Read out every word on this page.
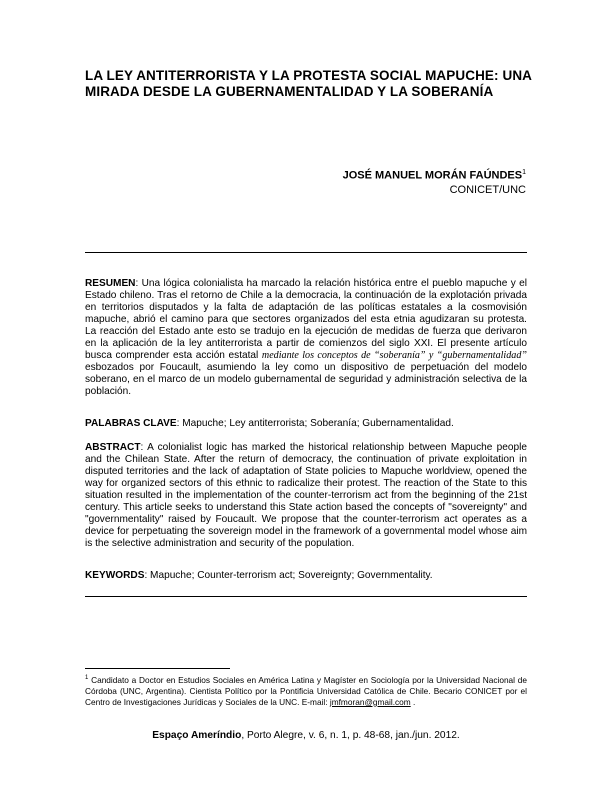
LA LEY ANTITERRORISTA Y LA PROTESTA SOCIAL MAPUCHE: UNA MIRADA DESDE LA GUBERNAMENTALIDAD Y LA SOBERANÍA
JOSÉ MANUEL MORÁN FAÚNDES$^1$
CONICET/UNC
RESUMEN: Una lógica colonialista ha marcado la relación histórica entre el pueblo mapuche y el Estado chileno. Tras el retorno de Chile a la democracia, la continuación de la explotación privada en territorios disputados y la falta de adaptación de las políticas estatales a la cosmovisión mapuche, abrió el camino para que sectores organizados del esta etnia agudizaran su protesta. La reacción del Estado ante esto se tradujo en la ejecución de medidas de fuerza que derivaron en la aplicación de la ley antiterrorista a partir de comienzos del siglo XXI. El presente artículo busca comprender esta acción estatal mediante los conceptos de “soberanía” y “gubernamentalidad” esbozados por Foucault, asumiendo la ley como un dispositivo de perpetuación del modelo soberano, en el marco de un modelo gubernamental de seguridad y administración selectiva de la población.
PALABRAS CLAVE: Mapuche; Ley antiterrorista; Soberanía; Gubernamentalidad.
ABSTRACT: A colonialist logic has marked the historical relationship between Mapuche people and the Chilean State. After the return of democracy, the continuation of private exploitation in disputed territories and the lack of adaptation of State policies to Mapuche worldview, opened the way for organized sectors of this ethnic to radicalize their protest. The reaction of the State to this situation resulted in the implementation of the counter-terrorism act from the beginning of the 21st century. This article seeks to understand this State action based the concepts of "sovereignty" and "governmentality" raised by Foucault. We propose that the counter-terrorism act operates as a device for perpetuating the sovereign model in the framework of a governmental model whose aim is the selective administration and security of the population.
KEYWORDS: Mapuche; Counter-terrorism act; Sovereignty; Governmentality.
$^1$ Candidato a Doctor en Estudios Sociales en América Latina y Magíster en Sociología por la Universidad Nacional de Córdoba (UNC, Argentina). Cientista Político por la Pontificia Universidad Católica de Chile. Becario CONICET por el Centro de Investigaciones Jurídicas y Sociales de la UNC. E-mail: jmfmoran@gmail.com .
Espaço Ameríndio, Porto Alegre, v. 6, n. 1, p. 48-68, jan./jun. 2012.
